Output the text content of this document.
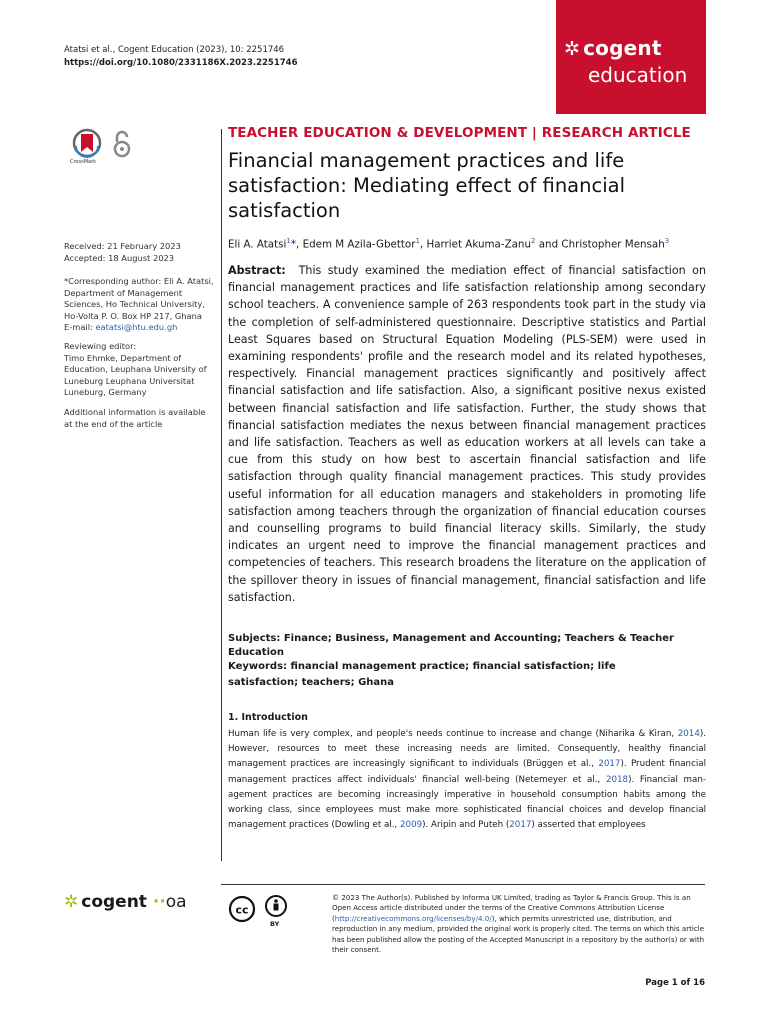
Atatsi et al., Cogent Education (2023), 10: 2251746
https://doi.org/10.1080/2331186X.2023.2251746
✲ cogent
education
CrossMark
Received: 21 February 2023
Accepted: 18 August 2023
*Corresponding author: Eli A. Atatsi, Department of Management Sciences, Ho Technical University, Ho-Volta P. O. Box HP 217, Ghana
E-mail: eatatsi@htu.edu.gh
Reviewing editor:
Timo Ehmke, Department of Education, Leuphana University of Luneburg Leuphana Universitat Luneburg, Germany
Additional information is available at the end of the article
TEACHER EDUCATION & DEVELOPMENT | RESEARCH ARTICLE
Financial management practices and life satisfaction: Mediating effect of financial satisfaction
Eli A. Atatsi$^1$*, Edem M Azila-Gbettor$^1$, Harriet Akuma-Zanu$^2$ and Christopher Mensah$^3$
Abstract: This study examined the mediation effect of financial satisfaction on financial management practices and life satisfaction relationship among secondary school teachers. A convenience sample of 263 respondents took part in the study via the completion of self-administered questionnaire. Descriptive statistics and Partial Least Squares based on Structural Equation Modeling (PLS-SEM) were used in examining respondents' profile and the research model and its related hypotheses, respectively. Financial management practices significantly and positively affect financial satisfaction and life satisfaction. Also, a significant positive nexus existed between financial satisfaction and life satisfaction. Further, the study shows that financial satisfaction mediates the nexus between financial management practices and life satisfaction. Teachers as well as education workers at all levels can take a cue from this study on how best to ascertain financial satisfaction and life satisfaction through quality financial management practices. This study provides useful information for all education managers and stakeholders in promoting life satisfaction among teachers through the organization of financial education courses and counselling programs to build financial literacy skills. Similarly, the study indicates an urgent need to improve the financial management practices and competencies of teachers. This research broadens the literature on the application of the spillover theory in issues of financial management, financial satisfaction and life satisfaction.
Subjects: Finance; Business, Management and Accounting; Teachers & Teacher Education
Keywords: financial management practice; financial satisfaction; life satisfaction; teachers; Ghana
1. Introduction
Human life is very complex, and people's needs continue to increase and change (Niharika & Kiran, 2014). However, resources to meet these increasing needs are limited. Consequently, healthy financial management practices are increasingly significant to individuals (Brüggen et al., 2017). Prudent financial management practices affect individuals' financial well-being (Netemeyer et al., 2018). Financial management practices are becoming increasingly imperative in household consumption habits among the working class, since employees must make more sophisticated financial choices and develop financial management practices (Dowling et al., 2009). Aripin and Puteh (2017) asserted that employees
✲ cogent ··oa	cc
BY
© 2023 The Author(s). Published by Informa UK Limited, trading as Taylor & Francis Group. This is an Open Access article distributed under the terms of the Creative Commons Attribution License (http://creativecommons.org/licenses/by/4.0/), which permits unrestricted use, distribution, and reproduction in any medium, provided the original work is properly cited. The terms on which this article has been published allow the posting of the Accepted Manuscript in a repository by the author(s) or with their consent.
Page 1 of 16
